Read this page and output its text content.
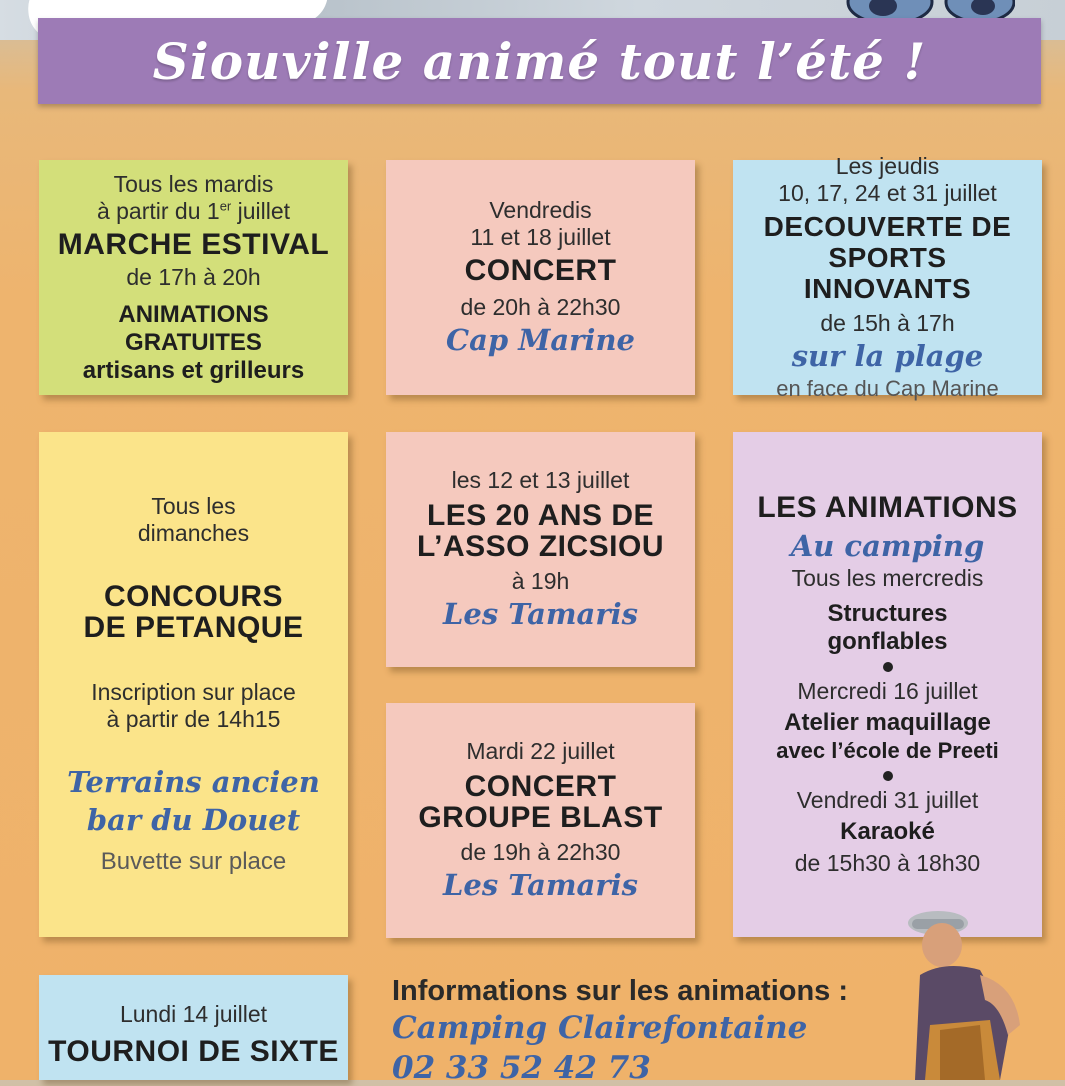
Siouville animé tout l’été !
Tous les mardis
à partir du 1er juillet
MARCHE ESTIVAL
de 17h à 20h
ANIMATIONS GRATUITES
artisans et grilleurs
Vendredis
11 et 18 juillet
CONCERT
de 20h à 22h30
Cap Marine
Les jeudis
10, 17, 24 et 31 juillet
DECOUVERTE DE
SPORTS INNOVANTS
de 15h à 17h
sur la plage
en face du Cap Marine
Tous les
dimanches
CONCOURS
DE PETANQUE
Inscription sur place
à partir de 14h15
Terrains ancien
bar du Douet
Buvette sur place
les 12 et 13 juillet
LES 20 ANS DE
L’ASSO ZICSIOU
à 19h
Les Tamaris
Mardi 22 juillet
CONCERT
GROUPE BLAST
de 19h à 22h30
Les Tamaris
LES ANIMATIONS
Au camping
Tous les mercredis
Structures
gonflables
Mercredi 16 juillet
Atelier maquillage
avec l’école de Preeti
Vendredi 31 juillet
Karaoké
de 15h30 à 18h30
Lundi 14 juillet
TOURNOI DE SIXTE
Informations sur les animations :
Camping Clairefontaine
02 33 52 42 73
